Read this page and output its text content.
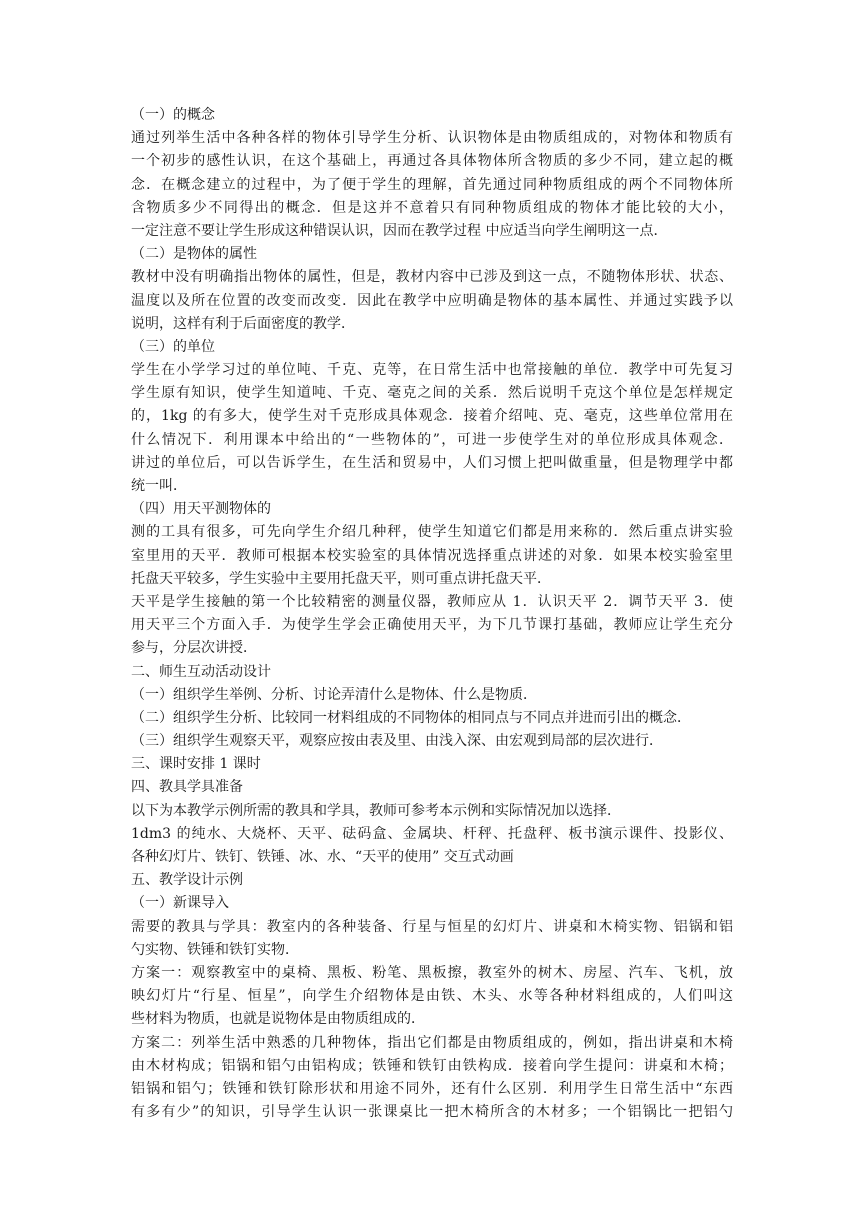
（一）的概念
通过列举生活中各种各样的物体引导学生分析、认识物体是由物质组成的，对物体和物质有
一个初步的感性认识，在这个基础上，再通过各具体物体所含物质的多少不同，建立起的概
念．在概念建立的过程中，为了便于学生的理解，首先通过同种物质组成的两个不同物体所
含物质多少不同得出的概念．但是这并不意着只有同种物质组成的物体才能比较的大小，
一定注意不要让学生形成这种错误认识，因而在教学过程 中应适当向学生阐明这一点．
（二）是物体的属性
教材中没有明确指出物体的属性，但是，教材内容中已涉及到这一点，不随物体形状、状态、
温度以及所在位置的改变而改变．因此在教学中应明确是物体的基本属性、并通过实践予以
说明，这样有利于后面密度的教学．
（三）的单位
学生在小学学习过的单位吨、千克、克等，在日常生活中也常接触的单位．教学中可先复习
学生原有知识，使学生知道吨、千克、毫克之间的关系．然后说明千克这个单位是怎样规定
的，1kg 的有多大，使学生对千克形成具体观念．接着介绍吨、克、毫克，这些单位常用在
什么情况下．利用课本中给出的“一些物体的”，可进一步使学生对的单位形成具体观念．
讲过的单位后，可以告诉学生，在生活和贸易中，人们习惯上把叫做重量，但是物理学中都
统一叫．
（四）用天平测物体的
测的工具有很多，可先向学生介绍几种秤，使学生知道它们都是用来称的．然后重点讲实验
室里用的天平．教师可根据本校实验室的具体情况选择重点讲述的对象．如果本校实验室里
托盘天平较多，学生实验中主要用托盘天平，则可重点讲托盘天平．
天平是学生接触的第一个比较精密的测量仪器，教师应从 1．认识天平 2．调节天平 3．使
用天平三个方面入手．为使学生学会正确使用天平，为下几节课打基础，教师应让学生充分
参与，分层次讲授．
二、师生互动活动设计
（一）组织学生举例、分析、讨论弄清什么是物体、什么是物质．
（二）组织学生分析、比较同一材料组成的不同物体的相同点与不同点并进而引出的概念．
（三）组织学生观察天平，观察应按由表及里、由浅入深、由宏观到局部的层次进行．
三、课时安排 1 课时
四、教具学具准备
以下为本教学示例所需的教具和学具，教师可参考本示例和实际情况加以选择．
1dm3 的纯水、大烧杯、天平、砝码盒、金属块、杆秤、托盘秤、板书演示课件、投影仪、
各种幻灯片、铁钉、铁锤、冰、水、“天平的使用” 交互式动画
五、教学设计示例
（一）新课导入
需要的教具与学具：教室内的各种装备、行星与恒星的幻灯片、讲桌和木椅实物、铝锅和铝
勺实物、铁锤和铁钉实物．
方案一：观察教室中的桌椅、黑板、粉笔、黑板擦，教室外的树木、房屋、汽车、飞机，放
映幻灯片“行星、恒星”，向学生介绍物体是由铁、木头、水等各种材料组成的，人们叫这
些材料为物质，也就是说物体是由物质组成的．
方案二：列举生活中熟悉的几种物体，指出它们都是由物质组成的，例如，指出讲桌和木椅
由木材构成；铝锅和铝勺由铝构成；铁锤和铁钉由铁构成．接着向学生提问：讲桌和木椅；
铝锅和铝勺；铁锤和铁钉除形状和用途不同外，还有什么区别．利用学生日常生活中“东西
有多有少”的知识，引导学生认识一张课桌比一把木椅所含的木材多；一个铝锅比一把铝勺
